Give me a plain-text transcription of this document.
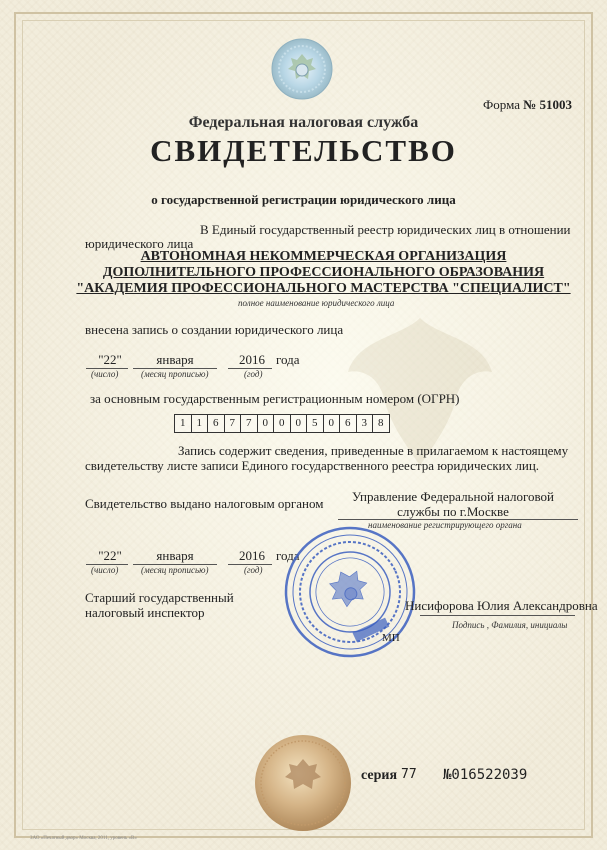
Форма № 51003
Федеральная налоговая служба
СВИДЕТЕЛЬСТВО
о государственной регистрации юридического лица
В Единый государственный реестр юридических лиц в отношении
юридического лица
АВТОНОМНАЯ НЕКОММЕРЧЕСКАЯ ОРГАНИЗАЦИЯ
ДОПОЛНИТЕЛЬНОГО ПРОФЕССИОНАЛЬНОГО ОБРАЗОВАНИЯ
"АКАДЕМИЯ ПРОФЕССИОНАЛЬНОГО МАСТЕРСТВА "СПЕЦИАЛИСТ"
полное наименование юридического лица
внесена запись о создании юридического лица
"22"	января	2016 года
(число)	(месяц прописью)	(год)
за основным государственным регистрационным номером (ОГРН)
1	1	6	7	7	0	0	0	5	0	6	3	8
Запись содержит сведения, приведенные в прилагаемом к настоящему
свидетельству листе записи Единого государственного реестра юридических лиц.
Свидетельство выдано налоговым органом	Управление Федеральной налоговой службы по г.Москве
наименование регистрирующего органа
"22"	января	2016 года
(число)	(месяц прописью)	(год)
Старший государственный
налоговый инспектор	Нисифорова Юлия Александровна
Подпись , Фамилия, инициалы
МП
серия 77 №016522039
ЗАО «Печатный двор» Москва, 2011, уровень «В»
